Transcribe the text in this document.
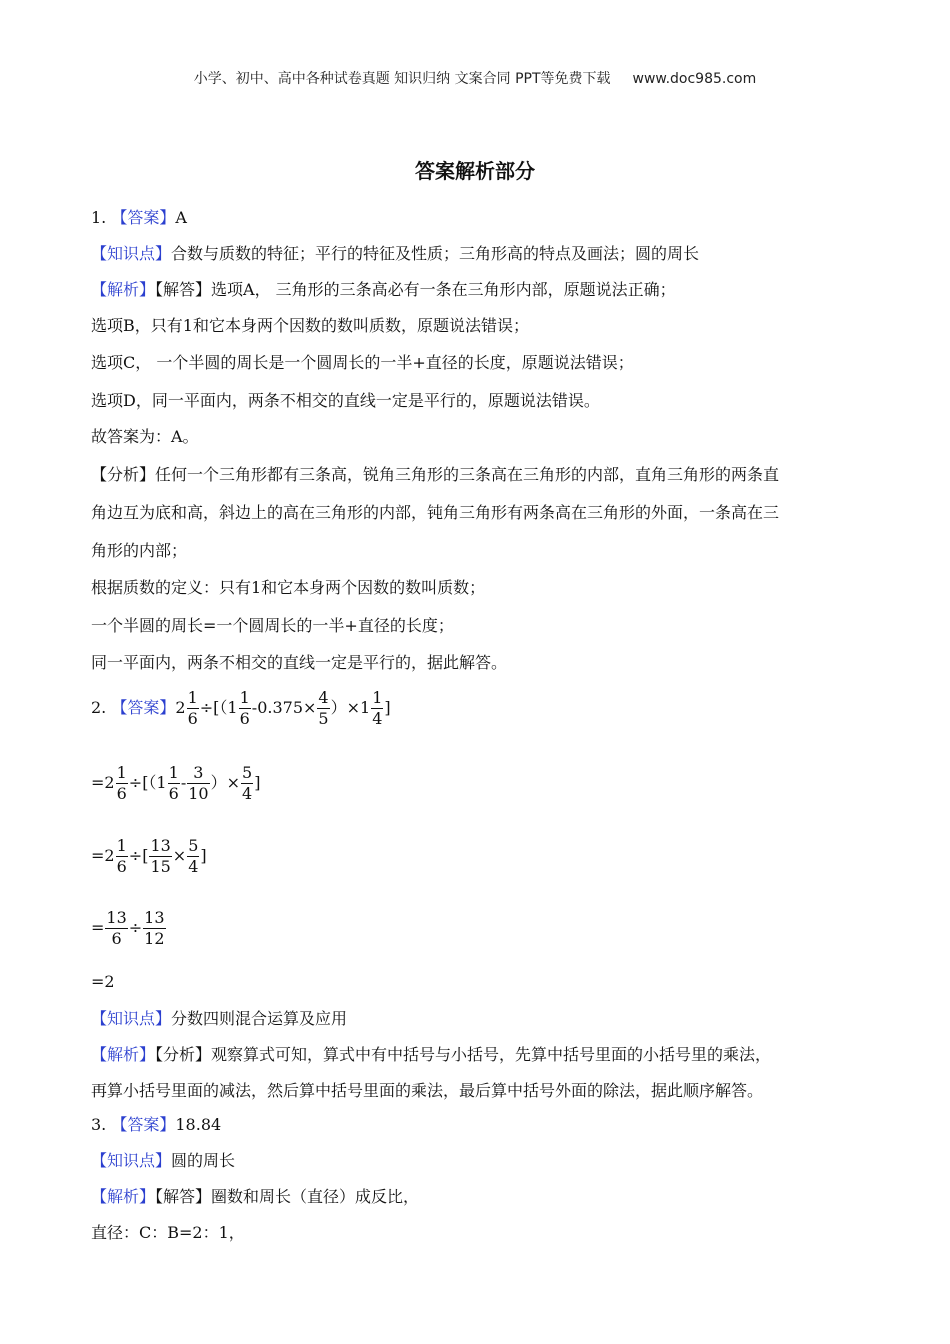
小学、初中、高中各种试卷真题 知识归纳 文案合同 PPT等免费下载 www.doc985.com
答案解析部分
1. 【答案】A
【知识点】合数与质数的特征；平行的特征及性质；三角形高的特点及画法；圆的周长
【解析】【解答】选项A， 三角形的三条高必有一条在三角形内部，原题说法正确；
选项B，只有1和它本身两个因数的数叫质数，原题说法错误；
选项C， 一个半圆的周长是一个圆周长的一半+直径的长度，原题说法错误；
选项D，同一平面内，两条不相交的直线一定是平行的，原题说法错误。
故答案为：A。
【分析】任何一个三角形都有三条高，锐角三角形的三条高在三角形的内部，直角三角形的两条直
角边互为底和高，斜边上的高在三角形的内部，钝角三角形有两条高在三角形的外面，一条高在三
角形的内部；
根据质数的定义：只有1和它本身两个因数的数叫质数；
一个半圆的周长=一个圆周长的一半+直径的长度；
同一平面内，两条不相交的直线一定是平行的，据此解答。
2. 【答案】$2 \frac{1}{6} \div[(1 \frac{1}{6} -0.375\times \frac{4}{5} )\times 1 \frac{1}{4}$ ]
$=2 \frac{1}{6} \div[(1 \frac{1}{6} - \frac{3}{10}$ ）× $\frac{5}{4}$ ]
$=2 \frac{1}{6}$ ÷[ $\frac{13}{15} \times \frac{5}{4}$ ]
= $\frac{13}{6} \div \frac{13}{12}$
=2
【知识点】分数四则混合运算及应用
【解析】【分析】观察算式可知，算式中有中括号与小括号，先算中括号里面的小括号里的乘法，
再算小括号里面的减法，然后算中括号里面的乘法，最后算中括号外面的除法，据此顺序解答。
3. 【答案】18.84
【知识点】圆的周长
【解析】【解答】圈数和周长（直径）成反比，
直径：C：B=2：1，
